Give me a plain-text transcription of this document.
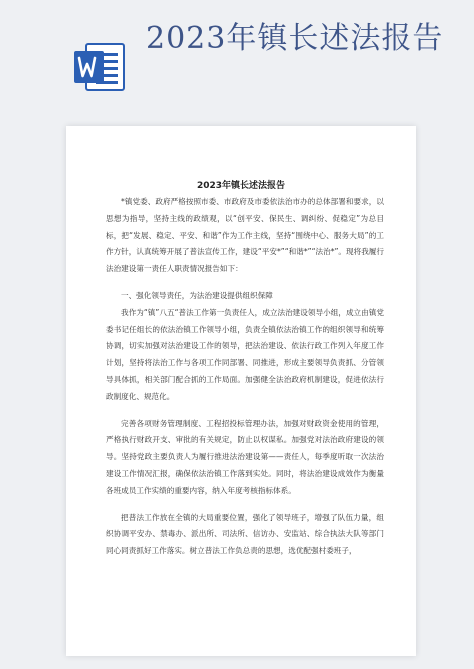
2023年镇长述法报告

2023年镇长述法报告

*镇党委、政府严格按照市委、市政府及市委依法治市办的总体部署和要求，以思想为指导，坚持主线的政绩观，以“创平安、保民生、调纠纷、促稳定”为总目标，把“发展、稳定、平安、和谐”作为工作主线，坚持“围绕中心、服务大局”的工作方针，认真统筹开展了普法宣传工作，建设“平安*”“和谐*”“法治*”。现将我履行法治建设第一责任人职责情况报告如下：

一、强化领导责任，为法治建设提供组织保障

我作为“镇”八五“普法工作第一负责任人，成立法治建设领导小组，成立由镇党委书记任组长的依法治镇工作领导小组，负责全镇依法治镇工作的组织领导和统筹协调，切实加强对法治建设工作的领导，把法治建设、依法行政工作列入年度工作计划，坚持将法治工作与各项工作同部署、同推进，形成主要领导负责抓、分管领导具体抓，相关部门配合抓的工作局面。加强健全法治政府机制建设，促进依法行政制度化、规范化。

完善各项财务管理制度、工程招投标管理办法，加强对财政资金使用的管理，严格执行财政开支、审批的有关规定，防止以权谋私。加强党对法治政府建设的领导。坚持党政主要负责人为履行推进法治建设第——责任人，每季度听取一次法治建设工作情况汇报，确保依法治镇工作落到实处。同时，将法治建设成效作为衡量各班成员工作实绩的重要内容，纳入年度考核指标体系。

把普法工作放在全镇的大局重要位置，强化了领导班子，增强了队伍力量，组织协调平安办、禁毒办、派出所、司法所、信访办、安监站、综合执法大队等部门同心同责抓好工作落实。树立普法工作负总责的思想，选优配强村委班子，
